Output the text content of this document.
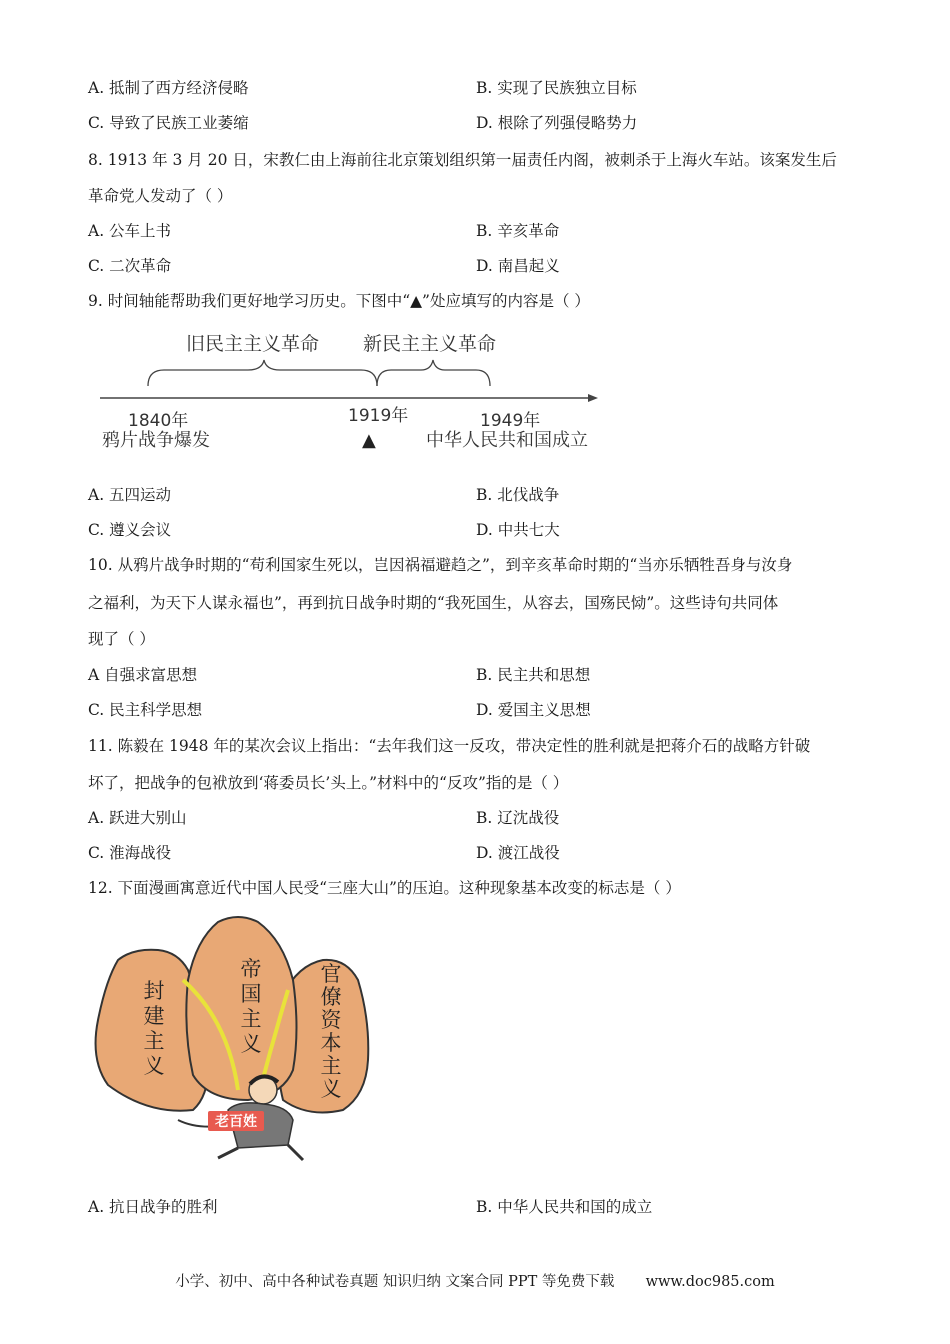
A. 抵制了西方经济侵略	B. 实现了民族独立目标
C. 导致了民族工业萎缩	D. 根除了列强侵略势力
8. 1913 年 3 月 20 日，宋教仁由上海前往北京策划组织第一届责任内阁，被刺杀于上海火车站。该案发生后
革命党人发动了（ ）
A. 公车上书	B. 辛亥革命
C. 二次革命	D. 南昌起义
9. 时间轴能帮助我们更好地学习历史。下图中“▲”处应填写的内容是（ ）
旧民主主义革命 新民主主义革命
1840年
鸦片战争爆发
1919年
▲
1949年
中华人民共和国成立
A. 五四运动	B. 北伐战争
C. 遵义会议	D. 中共七大
10. 从鸦片战争时期的“苟利国家生死以，岂因祸福避趋之”，到辛亥革命时期的“当亦乐牺牲吾身与汝身
之福利，为天下人谋永福也”，再到抗日战争时期的“我死国生，从容去，国殇民恸”。这些诗句共同体
现了（ ）
A 自强求富思想	B. 民主共和思想
C. 民主科学思想	D. 爱国主义思想
11. 陈毅在 1948 年的某次会议上指出：“去年我们这一反攻，带决定性的胜利就是把蒋介石的战略方针破
坏了，把战争的包袱放到‘蒋委员长’头上。”材料中的“反攻”指的是（ ）
A. 跃进大别山	B. 辽沈战役
C. 淮海战役	D. 渡江战役
12. 下面漫画寓意近代中国人民受“三座大山”的压迫。这种现象基本改变的标志是（ ）
封
建
主
义
帝
国
主
义
官
僚
资
本
主
义
老百姓
A. 抗日战争的胜利	B. 中华人民共和国的成立
小学、初中、高中各种试卷真题 知识归纳 文案合同 PPT 等免费下载 www.doc985.com
